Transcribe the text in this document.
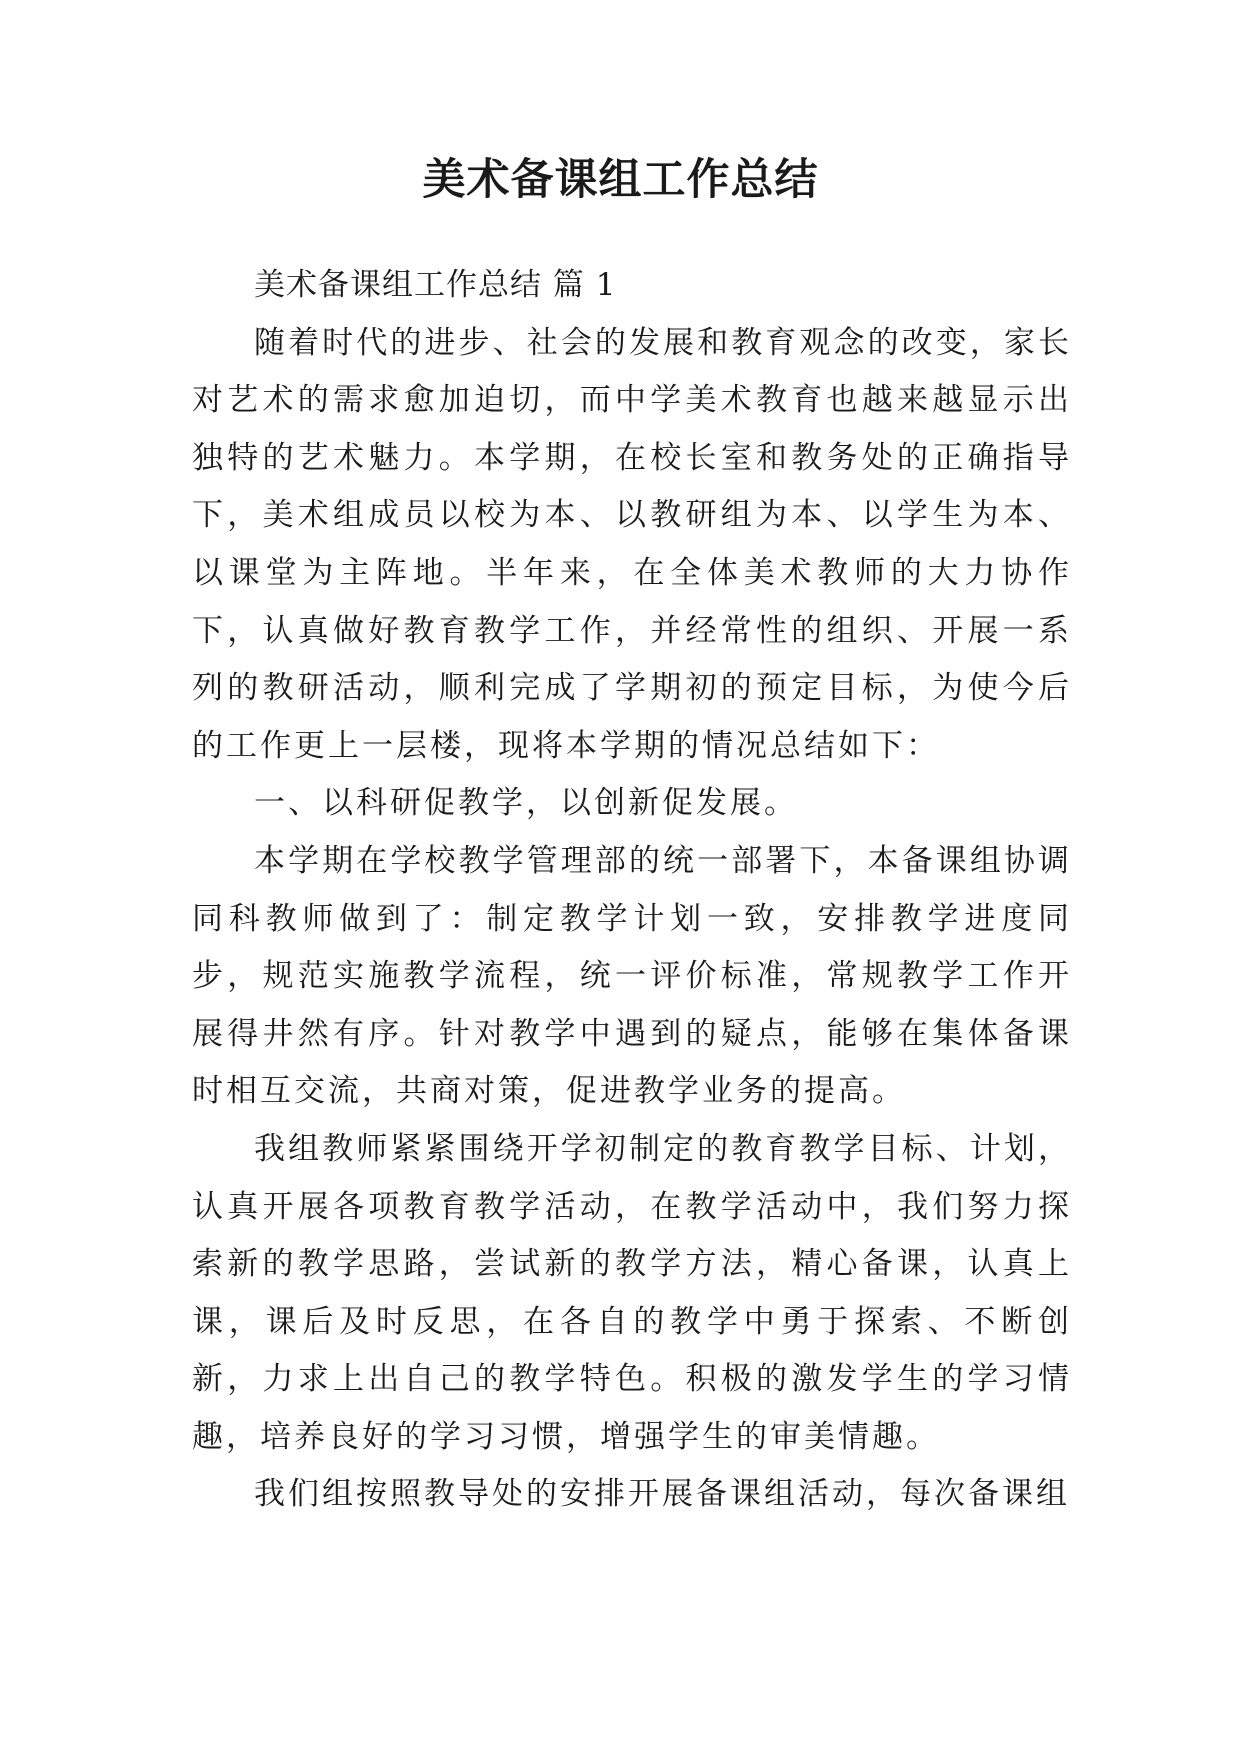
美术备课组工作总结

美术备课组工作总结 篇 1

随着时代的进步、社会的发展和教育观念的改变，家长对艺术的需求愈加迫切，而中学美术教育也越来越显示出独特的艺术魅力。本学期，在校长室和教务处的正确指导下，美术组成员以校为本、以教研组为本、以学生为本、以课堂为主阵地。半年来，在全体美术教师的大力协作下，认真做好教育教学工作，并经常性的组织、开展一系列的教研活动，顺利完成了学期初的预定目标，为使今后的工作更上一层楼，现将本学期的情况总结如下：

一、以科研促教学，以创新促发展。

本学期在学校教学管理部的统一部署下，本备课组协调同科教师做到了：制定教学计划一致，安排教学进度同步，规范实施教学流程，统一评价标准，常规教学工作开展得井然有序。针对教学中遇到的疑点，能够在集体备课时相互交流，共商对策，促进教学业务的提高。

我组教师紧紧围绕开学初制定的教育教学目标、计划，认真开展各项教育教学活动，在教学活动中，我们努力探索新的教学思路，尝试新的教学方法，精心备课，认真上课，课后及时反思，在各自的教学中勇于探索、不断创新，力求上出自己的教学特色。积极的激发学生的学习情趣，培养良好的学习习惯，增强学生的审美情趣。

我们组按照教导处的安排开展备课组活动，每次备课组
